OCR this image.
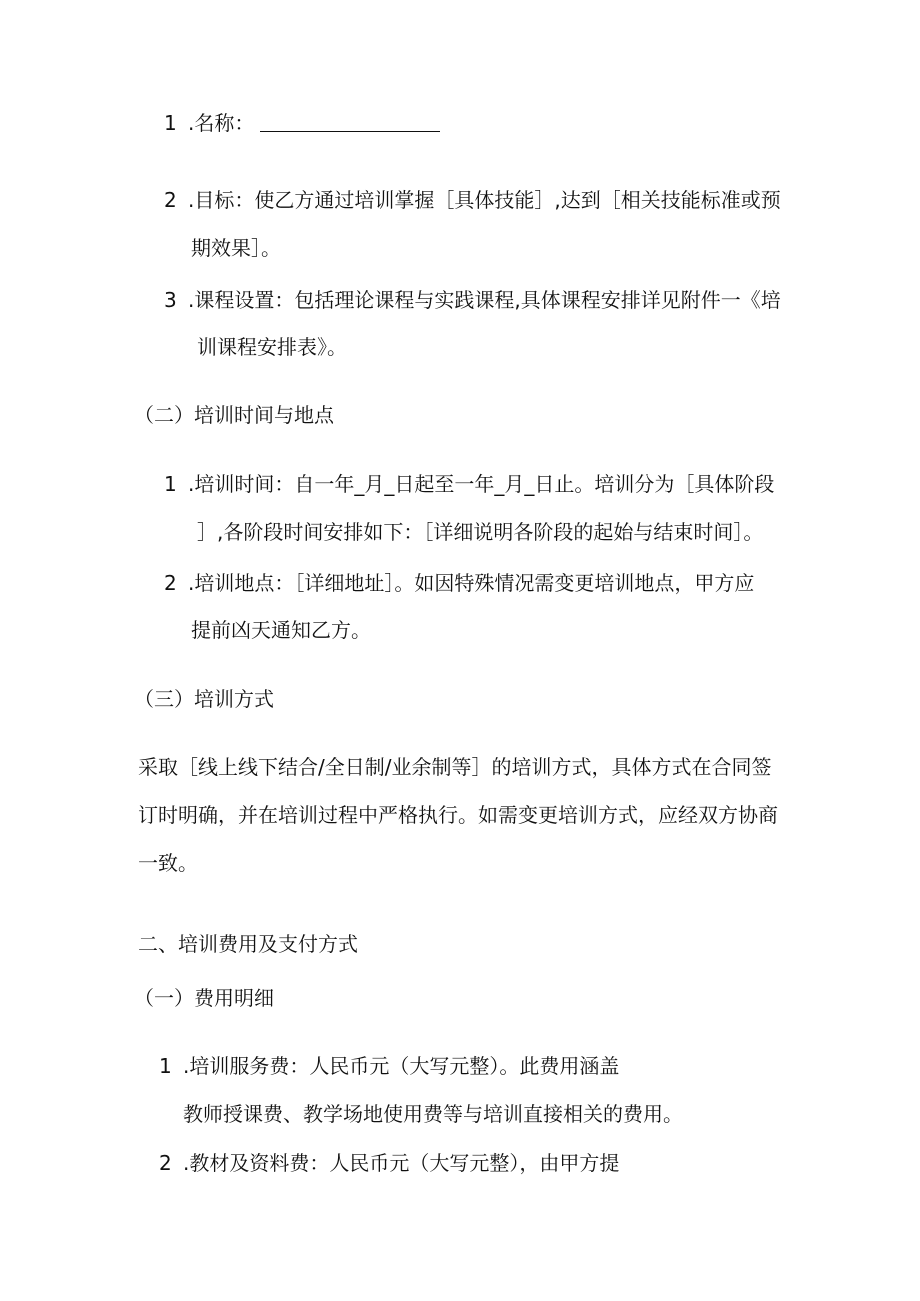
1 .名称：
2 .目标：使乙方通过培训掌握［具体技能］,达到［相关技能标准或预
期效果］。
3 .课程设置：包括理论课程与实践课程,具体课程安排详见附件一《培
训课程安排表》。
（二）培训时间与地点
1 .培训时间：自一年_月_日起至一年_月_日止。培训分为［具体阶段
］,各阶段时间安排如下：［详细说明各阶段的起始与结束时间］。
2 .培训地点：［详细地址］。如因特殊情况需变更培训地点，甲方应
提前凶天通知乙方。
（三）培训方式
采取［线上线下结合/全日制/业余制等］的培训方式，具体方式在合同签
订时明确，并在培训过程中严格执行。如需变更培训方式，应经双方协商
一致。
二、培训费用及支付方式
（一）费用明细
1 .培训服务费：人民币元（大写元整）。此费用涵盖
教师授课费、教学场地使用费等与培训直接相关的费用。
2 .教材及资料费：人民币元（大写元整），由甲方提
